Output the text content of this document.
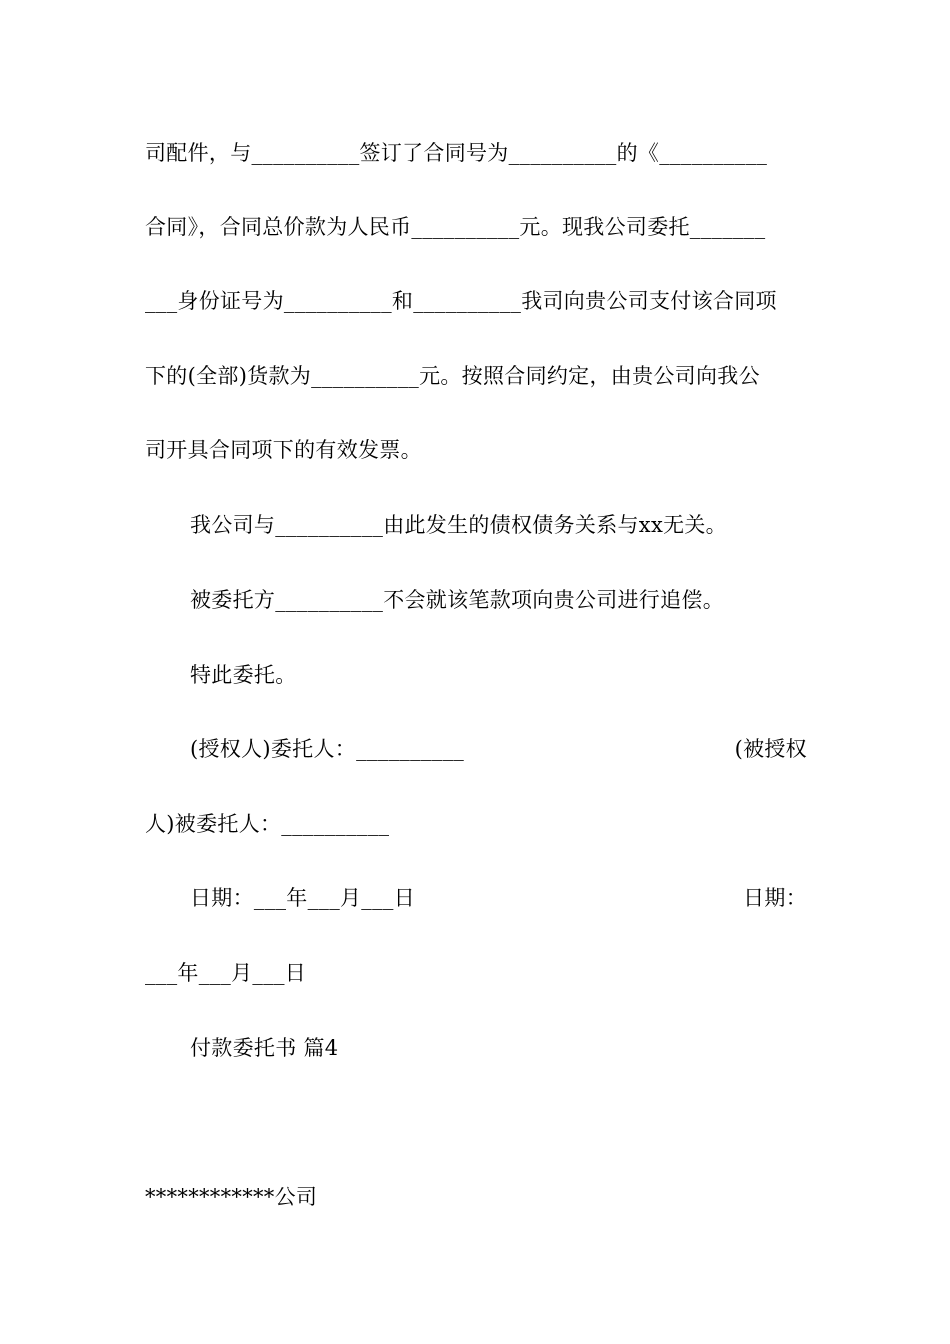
司配件，与__________签订了合同号为__________的《__________
合同》，合同总价款为人民币__________元。现我公司委托_______
___身份证号为__________和__________我司向贵公司支付该合同项
下的(全部)货款为__________元。按照合同约定，由贵公司向我公
司开具合同项下的有效发票。
我公司与__________由此发生的债权债务关系与xx无关。
被委托方__________不会就该笔款项向贵公司进行追偿。
特此委托。
(授权人)委托人：__________	(被授权
人)被委托人：__________
日期：___年___月___日	日期：
___年___月___日
付款委托书 篇4
************公司
